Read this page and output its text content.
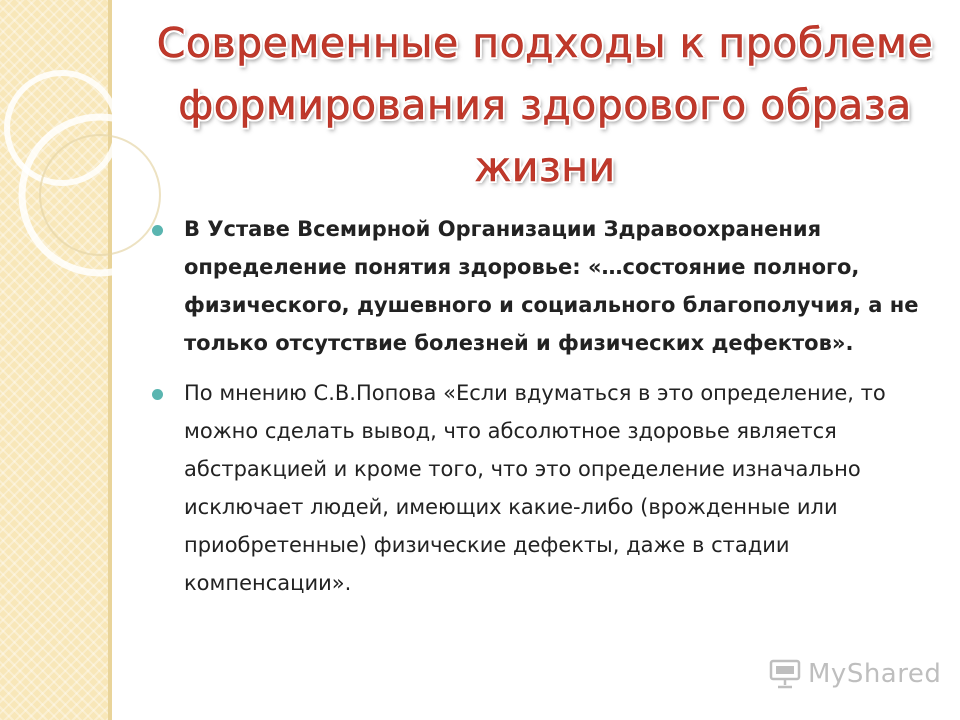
Современные подходы к проблеме формирования здорового образа жизни
В Уставе Всемирной Организации Здравоохранения определение понятия здоровье: «…состояние полного, физического, душевного и социального благополучия, а не только отсутствие болезней и физических дефектов».
По мнению С.В.Попова «Если вдуматься в это определение, то можно сделать вывод, что абсолютное здоровье является абстракцией и кроме того, что это определение изначально исключает людей, имеющих какие-либо (врожденные или приобретенные) физические дефекты, даже в стадии компенсации».
MyShared
